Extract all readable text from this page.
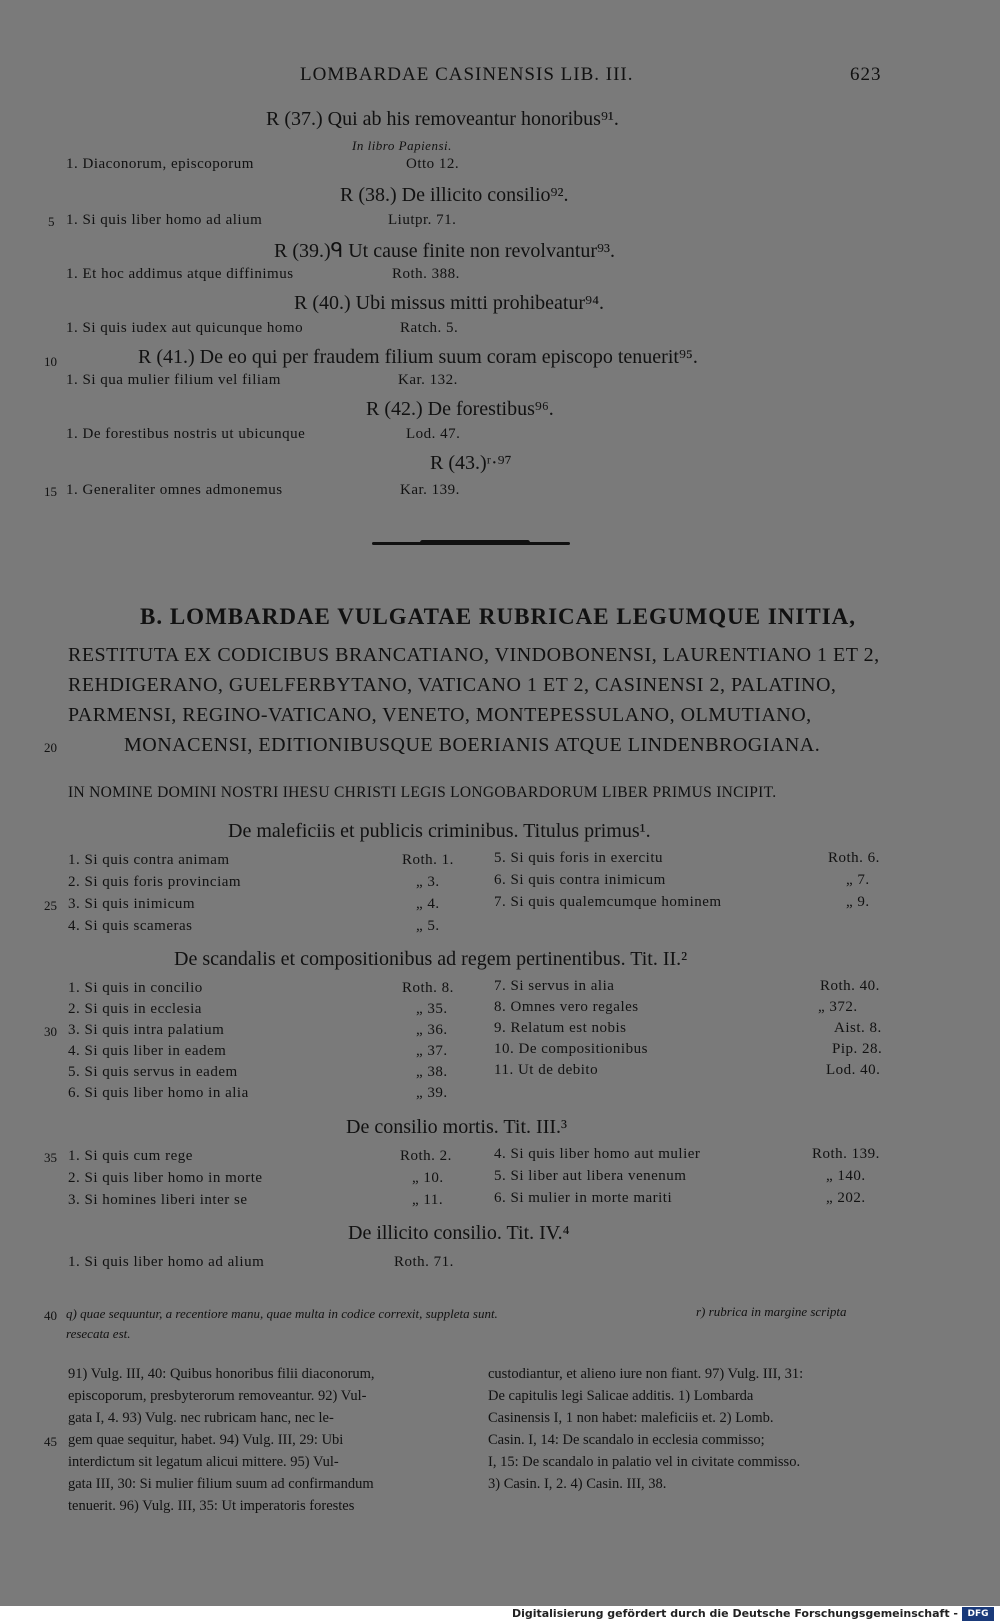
LOMBARDAE CASINENSIS LIB. III.	623
R (37.) Qui ab his removeantur honoribus⁹¹.
In libro Papiensi.
1. Diaconorum, episcoporum	Otto 12.
R (38.) De illicito consilio⁹².
5 1. Si quis liber homo ad alium	Liutpr. 71.
R (39.)ᑫ Ut cause finite non revolvantur⁹³.
1. Et hoc addimus atque diffinimus	Roth. 388.
R (40.) Ubi missus mitti prohibeatur⁹⁴.
1. Si quis iudex aut quicunque homo	Ratch. 5.
10	R (41.) De eo qui per fraudem filium suum coram episcopo tenuerit⁹⁵.
1. Si qua mulier filium vel filiam	Kar. 132.
R (42.) De forestibus⁹⁶.
1. De forestibus nostris ut ubicunque	Lod. 47.
R (43.)ʳ·⁹⁷
15 1. Generaliter omnes admonemus	Kar. 139.
B. LOMBARDAE VULGATAE RUBRICAE LEGUMQUE INITIA,
RESTITUTA EX CODICIBUS BRANCATIANO, VINDOBONENSI, LAURENTIANO 1 ET 2,
REHDIGERANO, GUELFERBYTANO, VATICANO 1 ET 2, CASINENSI 2, PALATINO,
PARMENSI, REGINO-VATICANO, VENETO, MONTEPESSULANO, OLMUTIANO,
20	MONACENSI, EDITIONIBUSQUE BOERIANIS ATQUE LINDENBROGIANA.
IN NOMINE DOMINI NOSTRI IHESU CHRISTI LEGIS LONGOBARDORUM LIBER PRIMUS INCIPIT.
De maleficiis et publicis criminibus. Titulus primus¹.
1. Si quis contra animam	Roth. 1.
2. Si quis foris provinciam	„ 3.
25 3. Si quis inimicum	„ 4.
4. Si quis scameras	„ 5.
5. Si quis foris in exercitu	Roth. 6.
6. Si quis contra inimicum	„ 7.
7. Si quis qualemcumque hominem	„ 9.
De scandalis et compositionibus ad regem pertinentibus. Tit. II.²
1. Si quis in concilio	Roth. 8.
2. Si quis in ecclesia	„ 35.
30 3. Si quis intra palatium	„ 36.
4. Si quis liber in eadem	„ 37.
5. Si quis servus in eadem	„ 38.
6. Si quis liber homo in alia	„ 39.
7. Si servus in alia	Roth. 40.
8. Omnes vero regales	„ 372.
9. Relatum est nobis	Aist. 8.
10. De compositionibus	Pip. 28.
11. Ut de debito	Lod. 40.
De consilio mortis. Tit. III.³
35 1. Si quis cum rege	Roth. 2.
2. Si quis liber homo in morte	„ 10.
3. Si homines liberi inter se	„ 11.
4. Si quis liber homo aut mulier	Roth. 139.
5. Si liber aut libera venenum	„ 140.
6. Si mulier in morte mariti	„ 202.
De illicito consilio. Tit. IV.⁴
1. Si quis liber homo ad alium	Roth. 71.
40 q) quae sequuntur, a recentiore manu, quae multa in codice correxit, suppleta sunt.	r) rubrica in margine scripta
resecata est.
91) Vulg. III, 40: Quibus honoribus filii diaconorum,
episcoporum, presbyterorum removeantur. 92) Vul-
gata I, 4. 93) Vulg. nec rubricam hanc, nec le-
45 gem quae sequitur, habet. 94) Vulg. III, 29: Ubi
interdictum sit legatum alicui mittere. 95) Vul-
gata III, 30: Si mulier filium suum ad confirmandum
tenuerit. 96) Vulg. III, 35: Ut imperatoris forestes
custodiantur, et alieno iure non fiant. 97) Vulg. III, 31:
De capitulis legi Salicae additis. 1) Lombarda
Casinensis I, 1 non habet: maleficiis et. 2) Lomb.
Casin. I, 14: De scandalo in ecclesia commisso;
I, 15: De scandalo in palatio vel in civitate commisso.
3) Casin. I, 2. 4) Casin. III, 38.
Digitalisierung gefördert durch die Deutsche Forschungsgemeinschaft -	DFG
